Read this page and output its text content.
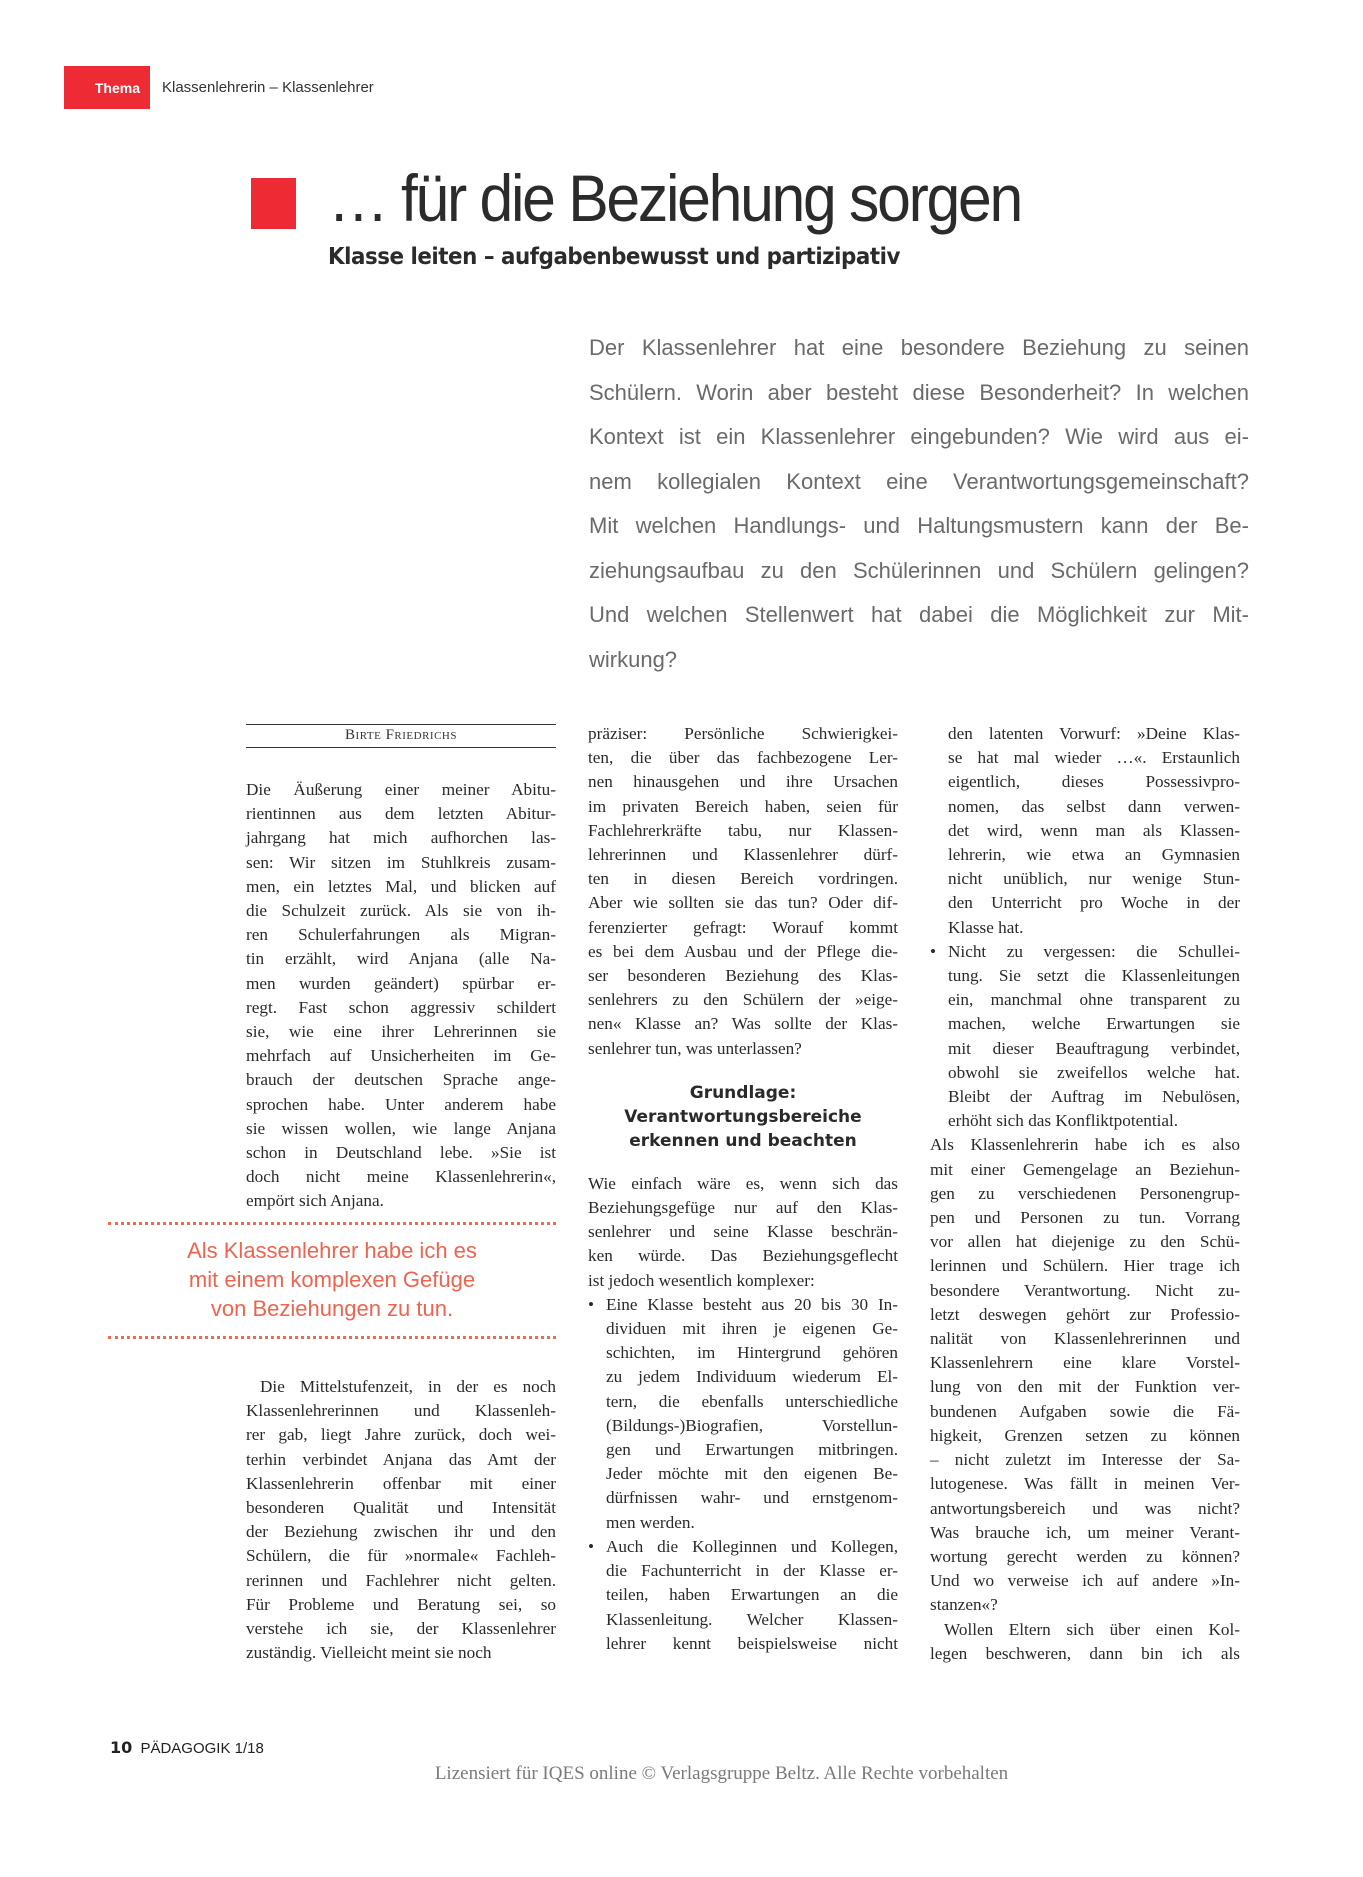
Thema	Klassenlehrerin – Klassenlehrer
… für die Beziehung sorgen
Klasse leiten – aufgabenbewusst und partizipativ
Der Klassenlehrer hat eine besondere Beziehung zu seinen
Schülern. Worin aber besteht diese Besonderheit? In welchen
Kontext ist ein Klassenlehrer eingebunden? Wie wird aus ei-
nem kollegialen Kontext eine Verantwortungsgemeinschaft?
Mit welchen Handlungs- und Haltungsmustern kann der Be-
ziehungsaufbau zu den Schülerinnen und Schülern gelingen?
Und welchen Stellenwert hat dabei die Möglichkeit zur Mit-
wirkung?
Birte Friedrichs
Die Äußerung einer meiner Abitu-
rientinnen aus dem letzten Abitur-
jahrgang hat mich aufhorchen las-
sen: Wir sitzen im Stuhlkreis zusam-
men, ein letztes Mal, und blicken auf
die Schulzeit zurück. Als sie von ih-
ren Schulerfahrungen als Migran-
tin erzählt, wird Anjana (alle Na-
men wurden geändert) spürbar er-
regt. Fast schon aggressiv schildert
sie, wie eine ihrer Lehrerinnen sie
mehrfach auf Unsicherheiten im Ge-
brauch der deutschen Sprache ange-
sprochen habe. Unter anderem habe
sie wissen wollen, wie lange Anjana
schon in Deutschland lebe. »Sie ist
doch nicht meine Klassenlehrerin«,
empört sich Anjana.
Als Klassenlehrer habe ich es
mit einem komplexen Gefüge
von Beziehungen zu tun.
Die Mittelstufenzeit, in der es noch
Klassenlehrerinnen und Klassenleh-
rer gab, liegt Jahre zurück, doch wei-
terhin verbindet Anjana das Amt der
Klassenlehrerin offenbar mit einer
besonderen Qualität und Intensität
der Beziehung zwischen ihr und den
Schülern, die für »normale« Fachleh-
rerinnen und Fachlehrer nicht gelten.
Für Probleme und Beratung sei, so
verstehe ich sie, der Klassenlehrer
zuständig. Vielleicht meint sie noch
präziser: Persönliche Schwierigkei-
ten, die über das fachbezogene Ler-
nen hinausgehen und ihre Ursachen
im privaten Bereich haben, seien für
Fachlehrerkräfte tabu, nur Klassen-
lehrerinnen und Klassenlehrer dürf-
ten in diesen Bereich vordringen.
Aber wie sollten sie das tun? Oder dif-
ferenzierter gefragt: Worauf kommt
es bei dem Ausbau und der Pflege die-
ser besonderen Beziehung des Klas-
senlehrers zu den Schülern der »eige-
nen« Klasse an? Was sollte der Klas-
senlehrer tun, was unterlassen?
Grundlage:
Verantwortungsbereiche
erkennen und beachten
Wie einfach wäre es, wenn sich das
Beziehungsgefüge nur auf den Klas-
senlehrer und seine Klasse beschrän-
ken würde. Das Beziehungsgeflecht
ist jedoch wesentlich komplexer:
Eine Klasse besteht aus 20 bis 30 In-
•
dividuen mit ihren je eigenen Ge-
schichten, im Hintergrund gehören
zu jedem Individuum wiederum El-
tern, die ebenfalls unterschiedliche
(Bildungs-)Biografien, Vorstellun-
gen und Erwartungen mitbringen.
Jeder möchte mit den eigenen Be-
dürfnissen wahr- und ernstgenom-
men werden.
Auch die Kolleginnen und Kollegen,
•
die Fachunterricht in der Klasse er-
teilen, haben Erwartungen an die
Klassenleitung. Welcher Klassen-
lehrer kennt beispielsweise nicht
den latenten Vorwurf: »Deine Klas-
se hat mal wieder …«. Erstaunlich
eigentlich, dieses Possessivpro-
nomen, das selbst dann verwen-
det wird, wenn man als Klassen-
lehrerin, wie etwa an Gymnasien
nicht unüblich, nur wenige Stun-
den Unterricht pro Woche in der
Klasse hat.
Nicht zu vergessen: die Schullei-
•
tung. Sie setzt die Klassenleitungen
ein, manchmal ohne transparent zu
machen, welche Erwartungen sie
mit dieser Beauftragung verbindet,
obwohl sie zweifellos welche hat.
Bleibt der Auftrag im Nebulösen,
erhöht sich das Konfliktpotential.
Als Klassenlehrerin habe ich es also
mit einer Gemengelage an Beziehun-
gen zu verschiedenen Personengrup-
pen und Personen zu tun. Vorrang
vor allen hat diejenige zu den Schü-
lerinnen und Schülern. Hier trage ich
besondere Verantwortung. Nicht zu-
letzt deswegen gehört zur Professio-
nalität von Klassenlehrerinnen und
Klassenlehrern eine klare Vorstel-
lung von den mit der Funktion ver-
bundenen Aufgaben sowie die Fä-
higkeit, Grenzen setzen zu können
– nicht zuletzt im Interesse der Sa-
lutogenese. Was fällt in meinen Ver-
antwortungsbereich und was nicht?
Was brauche ich, um meiner Verant-
wortung gerecht werden zu können?
Und wo verweise ich auf andere »In-
stanzen«?
Wollen Eltern sich über einen Kol-
legen beschweren, dann bin ich als
10 PÄDAGOGIK 1/18
Lizensiert für IQES online © Verlagsgruppe Beltz. Alle Rechte vorbehalten
